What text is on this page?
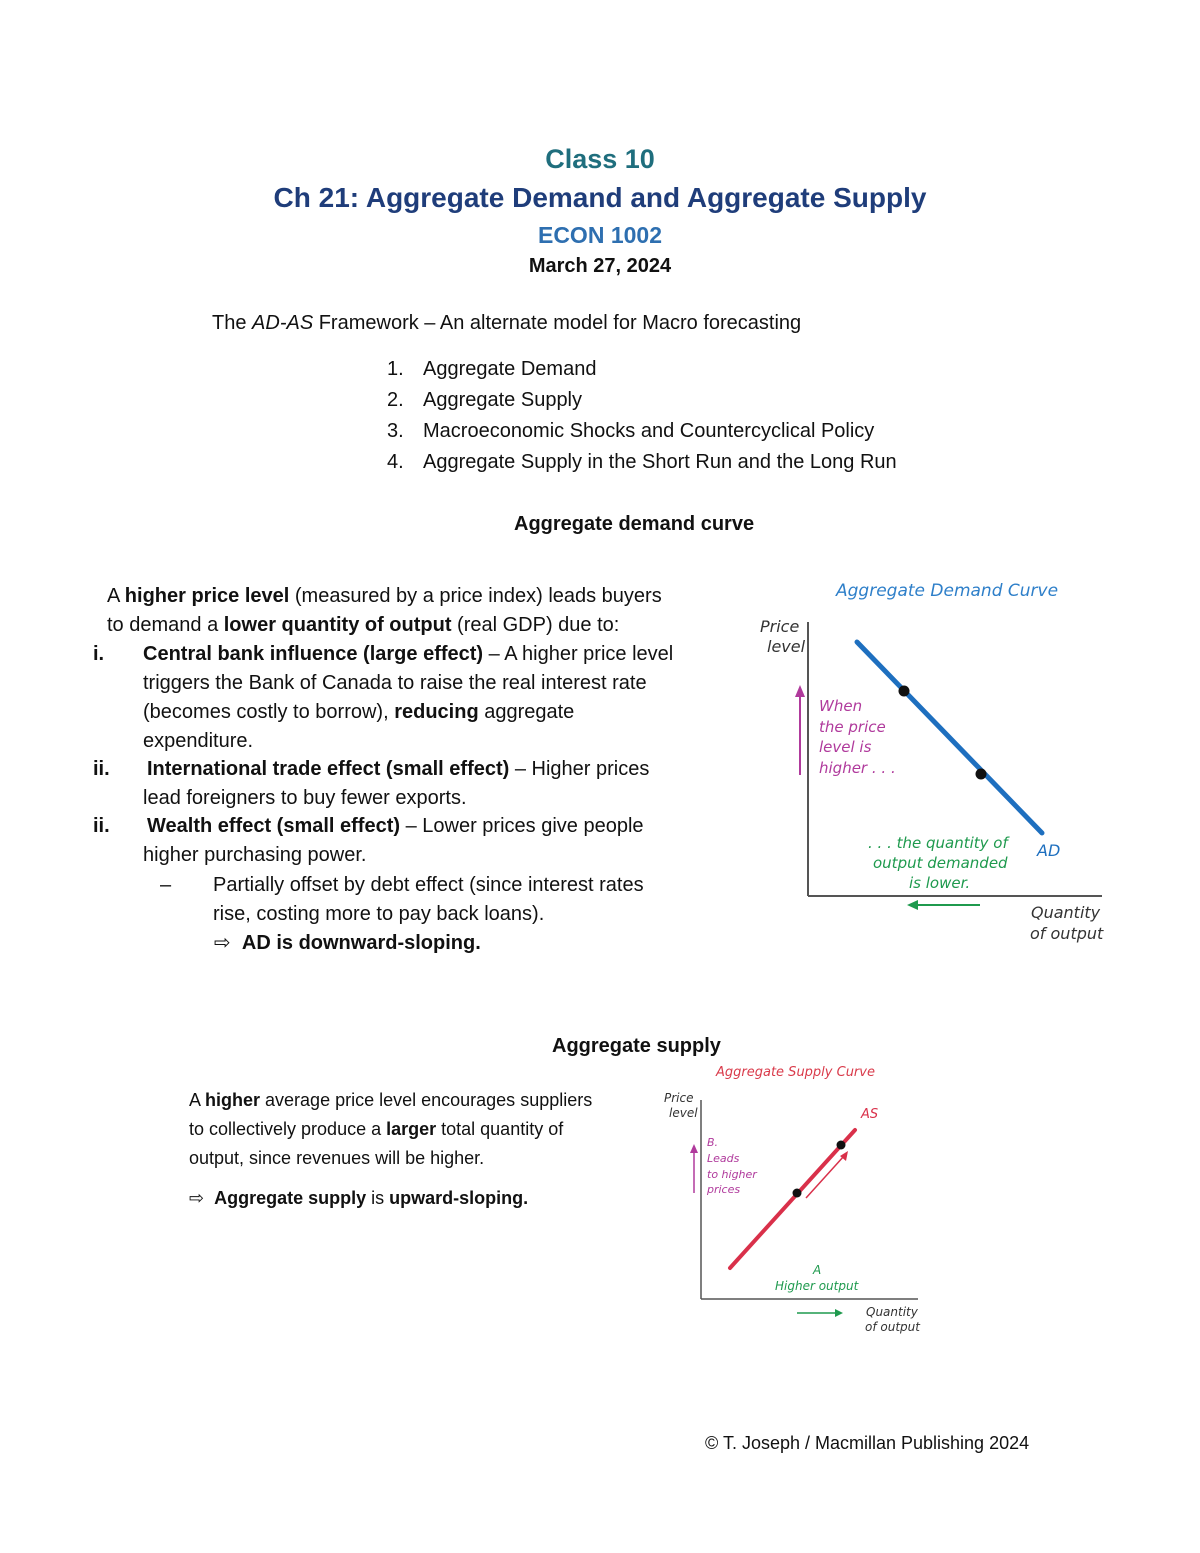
Class 10
Ch 21: Aggregate Demand and Aggregate Supply
ECON 1002
March 27, 2024
The AD-AS Framework – An alternate model for Macro forecasting
1. Aggregate Demand
2. Aggregate Supply
3. Macroeconomic Shocks and Countercyclical Policy
4. Aggregate Supply in the Short Run and the Long Run
Aggregate demand curve
A higher price level (measured by a price index) leads buyers
to demand a lower quantity of output (real GDP) due to:
i. Central bank influence (large effect) – A higher price level
triggers the Bank of Canada to raise the real interest rate
(becomes costly to borrow), reducing aggregate
expenditure.
ii. International trade effect (small effect) – Higher prices
lead foreigners to buy fewer exports.
ii. Wealth effect (small effect) – Lower prices give people
higher purchasing power.
– Partially offset by debt effect (since interest rates
rise, costing more to pay back loans).
⇨ AD is downward-sloping.
Aggregate Demand Curve
Price
level
AD
When
the price
level is
higher . . .
. . . the quantity of
output demanded
is lower.
Quantity
of output
Aggregate supply
A higher average price level encourages suppliers
to collectively produce a larger total quantity of
output, since revenues will be higher.
⇨ Aggregate supply is upward-sloping.
Aggregate Supply Curve
Price
level	AS
B.
Leads
to higher
prices
A
Higher output
Quantity
of output
© T. Joseph / Macmillan Publishing 2024
